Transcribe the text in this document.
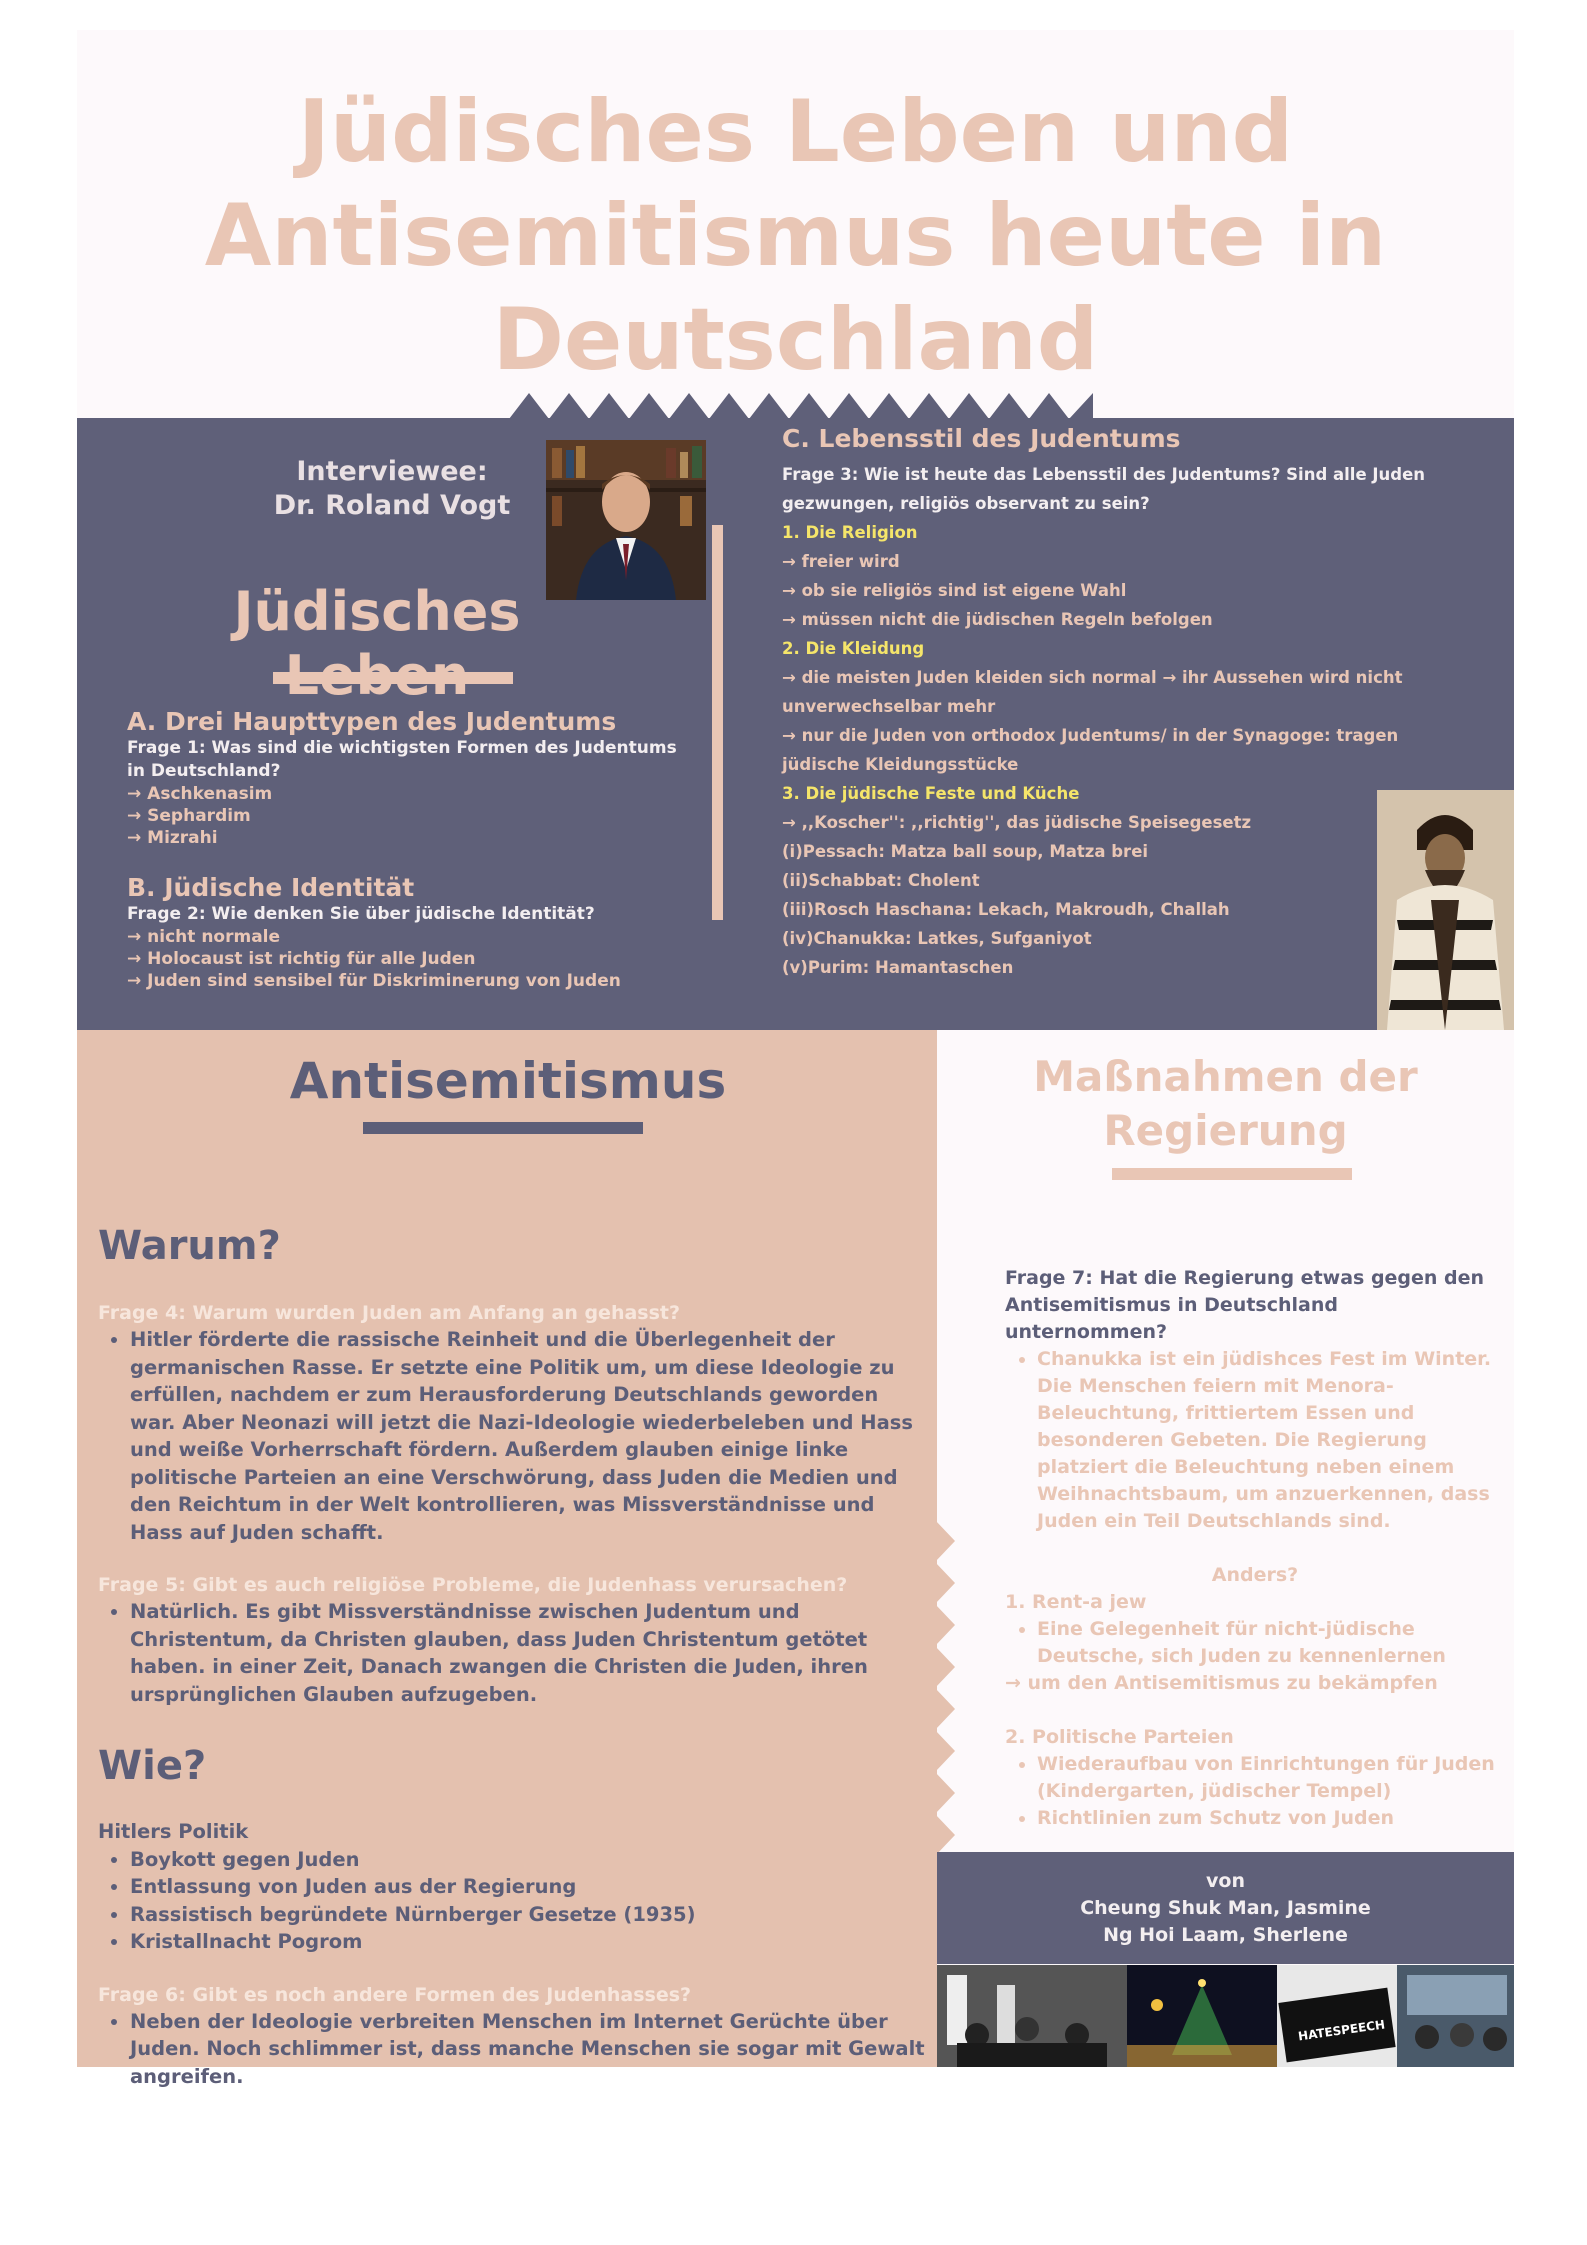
Jüdisches Leben und
Antisemitismus heute in
Deutschland
Interviewee:
Dr. Roland Vogt
Jüdisches
A. Drei Haupttypen des Judentums
Frage 1: Was sind die wichtigsten Formen des Judentums in Deutschland?
→ Aschkenasim
→ Sephardim
→ Mizrahi
B. Jüdische Identität
Frage 2: Wie denken Sie über jüdische Identität?
→ nicht normale
→ Holocaust ist richtig für alle Juden
→ Juden sind sensibel für Diskriminerung von Juden
C. Lebensstil des Judentums
Frage 3: Wie ist heute das Lebensstil des Judentums? Sind alle Juden gezwungen, religiös observant zu sein?
1. Die Religion
→ freier wird
→ ob sie religiös sind ist eigene Wahl
→ müssen nicht die jüdischen Regeln befolgen
2. Die Kleidung
→ die meisten Juden kleiden sich normal → ihr Aussehen wird nicht unverwechselbar mehr
→ nur die Juden von orthodox Judentums/ in der Synagoge: tragen jüdische Kleidungsstücke
3. Die jüdische Feste und Küche
→ ,,Koscher'': ,,richtig'', das jüdische Speisegesetz
(i)Pessach: Matza ball soup, Matza brei
(ii)Schabbat: Cholent
(iii)Rosch Haschana: Lekach, Makroudh, Challah
(iv)Chanukka: Latkes, Sufganiyot
(v)Purim: Hamantaschen
Antisemitismus
Warum?
Frage 4: Warum wurden Juden am Anfang an gehasst?
• Hitler förderte die rassische Reinheit und die Überlegenheit der germanischen Rasse. Er setzte eine Politik um, um diese Ideologie zu erfüllen, nachdem er zum Herausforderung Deutschlands geworden war. Aber Neonazi will jetzt die Nazi-Ideologie wiederbeleben und Hass und weiße Vorherrschaft fördern. Außerdem glauben einige linke politische Parteien an eine Verschwörung, dass Juden die Medien und den Reichtum in der Welt kontrollieren, was Missverständnisse und Hass auf Juden schafft.
Frage 5: Gibt es auch religiöse Probleme, die Judenhass verursachen?
• Natürlich. Es gibt Missverständnisse zwischen Judentum und Christentum, da Christen glauben, dass Juden Christentum getötet haben. in einer Zeit, Danach zwangen die Christen die Juden, ihren ursprünglichen Glauben aufzugeben.
Wie?
Hitlers Politik
• Boykott gegen Juden
• Entlassung von Juden aus der Regierung
• Rassistisch begründete Nürnberger Gesetze (1935)
• Kristallnacht Pogrom
Frage 6: Gibt es noch andere Formen des Judenhasses?
• Neben der Ideologie verbreiten Menschen im Internet Gerüchte über Juden. Noch schlimmer ist, dass manche Menschen sie sogar mit Gewalt angreifen.
Maßnahmen der
Regierung
Frage 7: Hat die Regierung etwas gegen den Antisemitismus in Deutschland unternommen?
• Chanukka ist ein jüdishces Fest im Winter. Die Menschen feiern mit Menora-Beleuchtung, frittiertem Essen und besonderen Gebeten. Die Regierung platziert die Beleuchtung neben einem Weihnachtsbaum, um anzuerkennen, dass Juden ein Teil Deutschlands sind.
Anders?
1. Rent-a jew
• Eine Gelegenheit für nicht-jüdische Deutsche, sich Juden zu kennenlernen
→ um den Antisemitismus zu bekämpfen
2. Politische Parteien
• Wiederaufbau von Einrichtungen für Juden (Kindergarten, jüdischer Tempel)
• Richtlinien zum Schutz von Juden
von
Cheung Shuk Man, Jasmine
Ng Hoi Laam, Sherlene
HATESPEECH
